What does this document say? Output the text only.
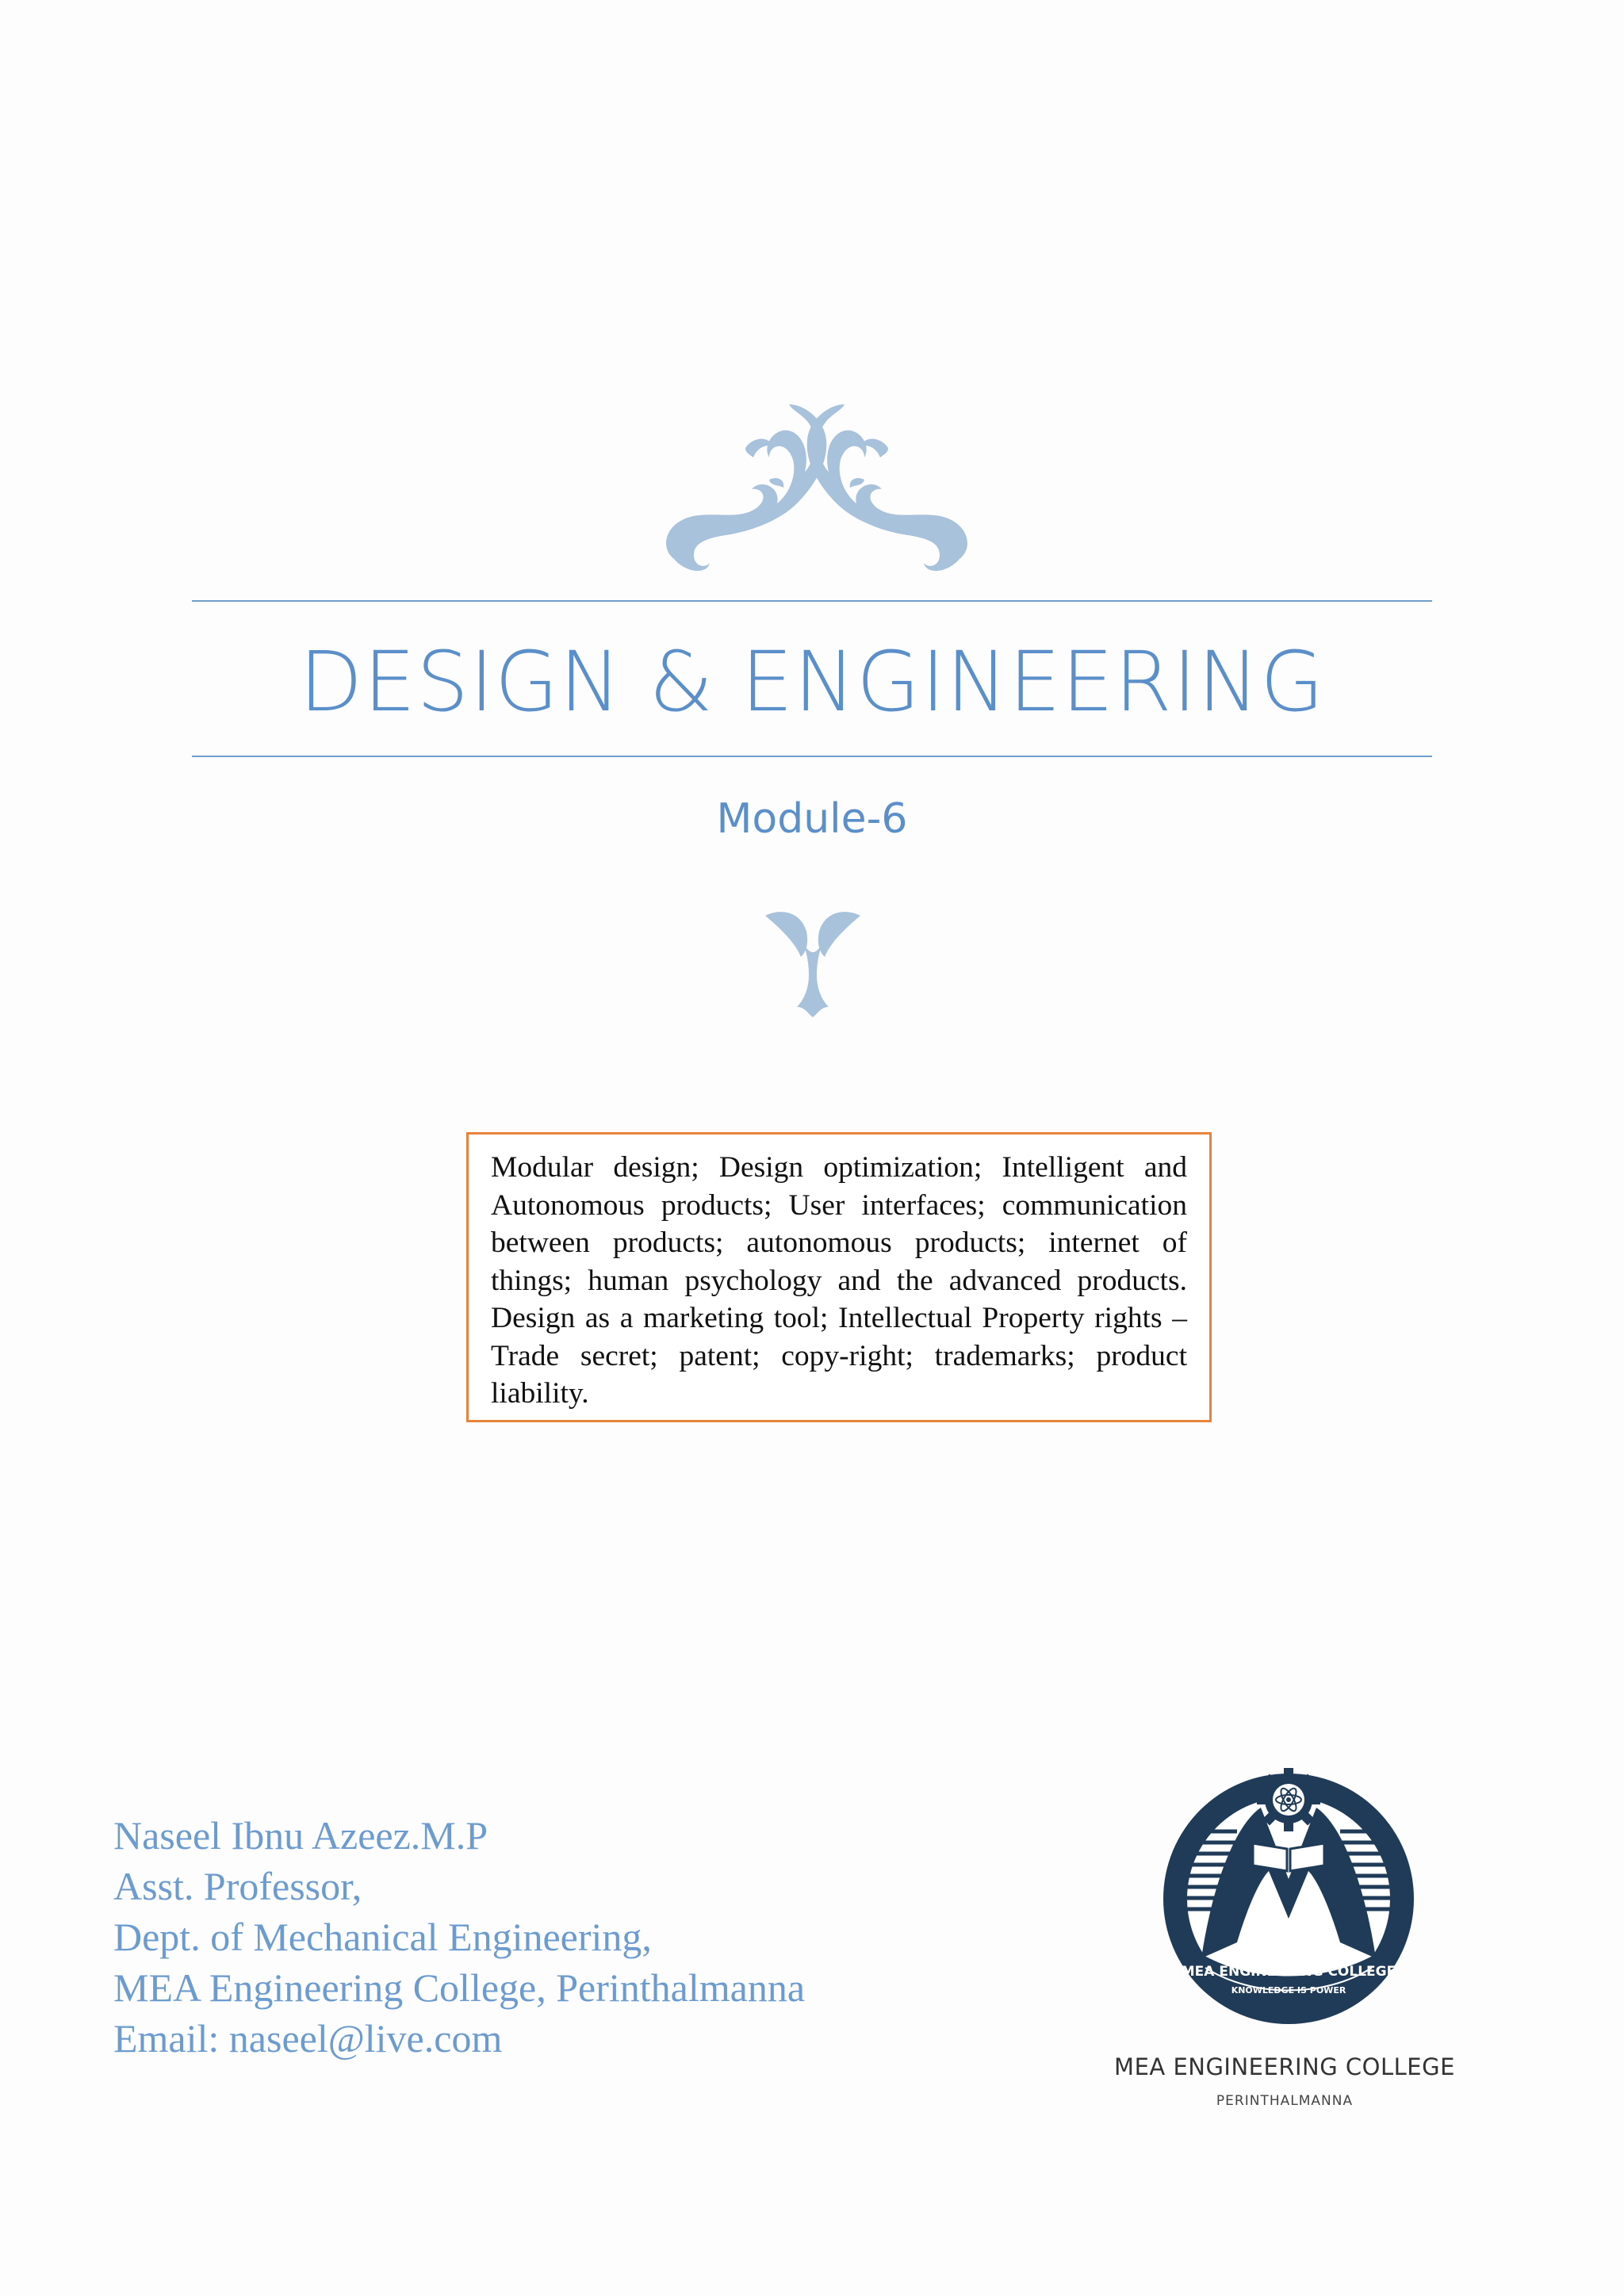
DESIGN & ENGINEERING
Module-6

Modular design; Design optimization; Intelligent and Autonomous products; User interfaces; communication between products; autonomous products; internet of things; human psychology and the advanced products. Design as a marketing tool; Intellectual Property rights – Trade secret; patent; copy-right; trademarks; product liability.

Naseel Ibnu Azeez.M.P
Asst. Professor,
Dept. of Mechanical Engineering,
MEA Engineering College, Perinthalmanna
Email: naseel@live.com
MEA ENGINEERING COLLEGE
KNOWLEDGE IS POWER
MEA ENGINEERING COLLEGE
PERINTHALMANNA
